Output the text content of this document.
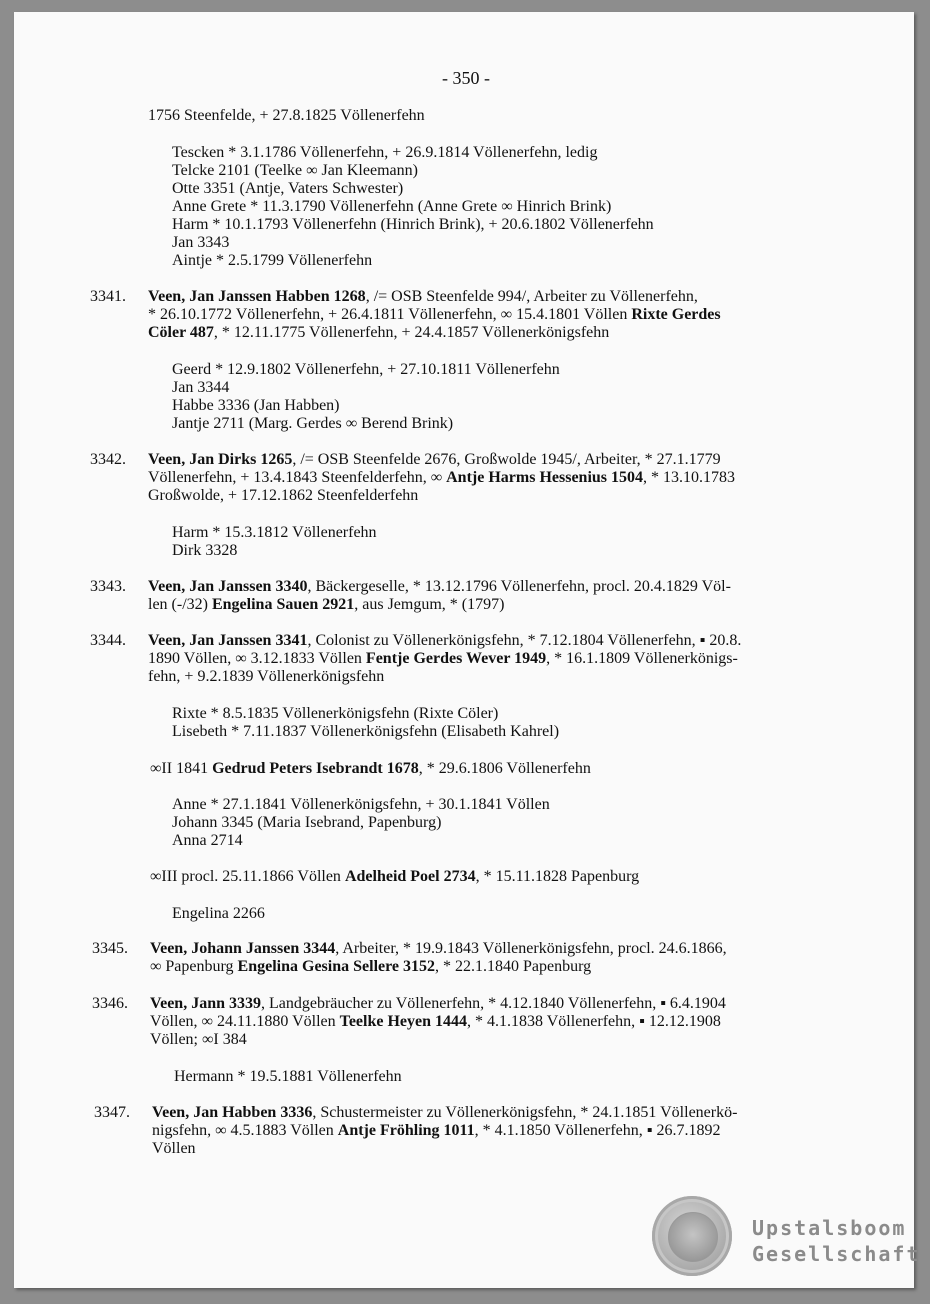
- 350 -
1756 Steenfelde, + 27.8.1825 Völlenerfehn
Tescken * 3.1.1786 Völlenerfehn, + 26.9.1814 Völlenerfehn, ledig
Telcke 2101 (Teelke ∞ Jan Kleemann)
Otte 3351 (Antje, Vaters Schwester)
Anne Grete * 11.3.1790 Völlenerfehn (Anne Grete ∞ Hinrich Brink)
Harm * 10.1.1793 Völlenerfehn (Hinrich Brink), + 20.6.1802 Völlenerfehn
Jan 3343
Aintje * 2.5.1799 Völlenerfehn
3341. Veen, Jan Janssen Habben 1268, /= OSB Steenfelde 994/, Arbeiter zu Völlenerfehn,
* 26.10.1772 Völlenerfehn, + 26.4.1811 Völlenerfehn, ∞ 15.4.1801 Völlen Rixte Gerdes
Cöler 487, * 12.11.1775 Völlenerfehn, + 24.4.1857 Völlenerkönigsfehn
Geerd * 12.9.1802 Völlenerfehn, + 27.10.1811 Völlenerfehn
Jan 3344
Habbe 3336 (Jan Habben)
Jantje 2711 (Marg. Gerdes ∞ Berend Brink)
3342. Veen, Jan Dirks 1265, /= OSB Steenfelde 2676, Großwolde 1945/, Arbeiter, * 27.1.1779
Völlenerfehn, + 13.4.1843 Steenfelderfehn, ∞ Antje Harms Hessenius 1504, * 13.10.1783
Großwolde, + 17.12.1862 Steenfelderfehn
Harm * 15.3.1812 Völlenerfehn
Dirk 3328
3343. Veen, Jan Janssen 3340, Bäckergeselle, * 13.12.1796 Völlenerfehn, procl. 20.4.1829 Völ-
len (-/32) Engelina Sauen 2921, aus Jemgum, * (1797)
3344. Veen, Jan Janssen 3341, Colonist zu Völlenerkönigsfehn, * 7.12.1804 Völlenerfehn, ▪ 20.8.
1890 Völlen, ∞ 3.12.1833 Völlen Fentje Gerdes Wever 1949, * 16.1.1809 Völlenerkönigs-
fehn, + 9.2.1839 Völlenerkönigsfehn
Rixte * 8.5.1835 Völlenerkönigsfehn (Rixte Cöler)
Lisebeth * 7.11.1837 Völlenerkönigsfehn (Elisabeth Kahrel)
∞II 1841 Gedrud Peters Isebrandt 1678, * 29.6.1806 Völlenerfehn
Anne * 27.1.1841 Völlenerkönigsfehn, + 30.1.1841 Völlen
Johann 3345 (Maria Isebrand, Papenburg)
Anna 2714
∞III procl. 25.11.1866 Völlen Adelheid Poel 2734, * 15.11.1828 Papenburg
Engelina 2266
3345. Veen, Johann Janssen 3344, Arbeiter, * 19.9.1843 Völlenerkönigsfehn, procl. 24.6.1866,
∞ Papenburg Engelina Gesina Sellere 3152, * 22.1.1840 Papenburg
3346. Veen, Jann 3339, Landgebräucher zu Völlenerfehn, * 4.12.1840 Völlenerfehn, ▪ 6.4.1904
Völlen, ∞ 24.11.1880 Völlen Teelke Heyen 1444, * 4.1.1838 Völlenerfehn, ▪ 12.12.1908
Völlen; ∞I 384
Hermann * 19.5.1881 Völlenerfehn
3347. Veen, Jan Habben 3336, Schustermeister zu Völlenerkönigsfehn, * 24.1.1851 Völlenerkö-
nigsfehn, ∞ 4.5.1883 Völlen Antje Fröhling 1011, * 4.1.1850 Völlenerfehn, ▪ 26.7.1892
Völlen
Upstalsboom
Gesellschaft
